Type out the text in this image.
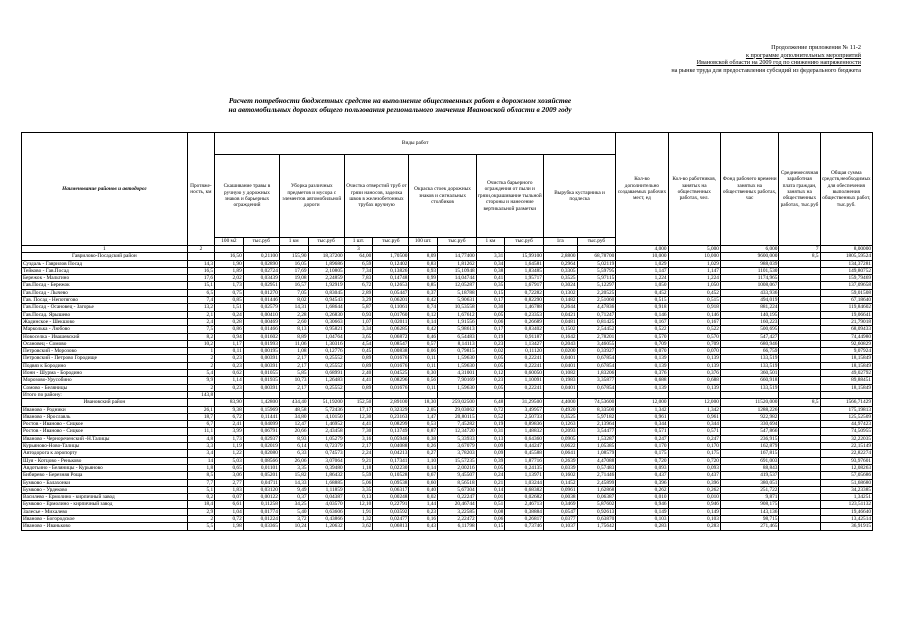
Продолжение приложения № 11-2
к программе дополнительных мероприятий
Ивановской области на 2009 год по снижению напряженности
на рынке труда для предоставления субсидий из федерального бюджета
Расчет потребности бюджетных средств на выполнение общественных работ в дорожном хозяйстве
на автомобильных дорогах общего пользования регионального значения Ивановской области в 2009 году
Наименование районов и автодорог	Протяже-ность, км	Виды работ												Кол-во дополнительно создаваемых рабочих мест, ед	Кол-во работников, занятых на общественных работах, чел.	Фонд рабочего времени занятых на общественных работах, час	Среднемесячная заработная плата граждан, занятых на общественных работах, тыс.руб	Общая сумма средств,необходимых для обеспечения выполнения общественных работ, тыс.руб.
		Скашивание травы в ручную у дорожных знаков и барьерных ограждений		Уборка различных предметов и мусора с элементов автомобильной дороги		Очистка отверстий труб от грязи наносов, заделка швов в железобетонных трубах вручную		Окраска стоек дорожных знаков и сигнальных столбиков		Очистка барьерного ограждения от пыли и грязи,окрашивание тыльной стороны и нанесение вертикальной разметки		Вырубка кустарника и подлеска						
		100 м2	тыс.руб	1 км	тыс.руб	1 шт.	тыс.руб	100 шт.	тыс.руб	1 км	тыс.руб	1га	тыс.руб					
1	2					3								4,000	5,000	6,000	7	8,00000
Гаврилово-Посадский район		16,50	0,21100	155,90	18,37200	64,00	1,70500	8,09	14,77400	3,31	15,99100	2,8800	68,78700	10,000	10,000	9600,000	8,5	1805,59524
Суздаль - Гаврилов Посад	14,3	1,90	0,02890	16,05	1,89686	6,59	0,12402	0,83	1,81262	0,34	1,64581	0,2964	5,02119	1,029	1,029	988,039		134,37281
Тейково - Гав.Посад	16,5	1,89	0,02724	17,69	2,10805	7,34	0,13826	0,93	15,10948	0,38	1,83485	0,3305	5,59795	1,147	1,147	1101,530		149,80752
Бережок - Мальтино	17,6	2,02	0,03439	19,08	2,24859	7,83	0,14748	0,99	14,04744	0,41	1,95717	0,3525	5,97115	1,224	1,224	1174,965		159,79469
Гав.Посад - Бережок	15,1	1,73	0,02951	16,57	1,92919	6,72	0,12653	0,85	12,05287	0,35	1,67917	0,3024	5,12297	1,050	1,050	1008,067		137,09658
Гав.Посад - Лычево	6,5	0,75	0,01270	7,05	0,83045	2,89	0,05447	0,37	5,18788	0,15	0,72282	0,1302	2,20525	0,452	0,452	433,936		59,01508
Гав. Посад - Непотягово	7,4	0,85	0,01446	8,02	0,94543	3,29	0,06201	0,42	5,90631	0,17	0,82290	0,1482	2,51060	0,515	0,515	494,019		67,18640
Гав.Посад - Осановец - Загорье	13,2	1,51	0,02579	14,31	1,68644	5,87	0,11061	0,74	10,53558	0,30	1,46788	0,2644	4,47836	0,918	0,918	881,224		119,84602
Гав.Посад. Ярышево	2,1	0,24	0,00410	2,28	0,26830	0,93	0,01760	0,12	1,67612	0,05	0,23353	0,0421	0,71247	0,146	0,146	140,195		19,06641
Жадинское - Шекшово	2,4	0,28	0,00469	2,60	0,30663	1,07	0,02011	0,14	1,91556	0,06	0,26689	0,0481	0,81425	0,167	0,167	160,223		21,79018
Марколька - Любово	7,5	0,86	0,01466	8,13	0,95821	3,34	0,06285	0,42	5,98613	0,17	0,83402	0,1502	2,54452	0,522	0,522	500,695		68,09433
Новоселка - Ивашевский	8,2	0,94	0,01602	8,89	1,04764	3,65	0,06872	0,46	6,54483	0,19	0,91187	0,1642	2,78201	0,570	0,570	547,427		74,44980
Осановец - Сомово	10,2	1,17	0,01993	11,06	1,30316	4,54	0,08547	0,57	8,14113	0,23	1,13427	0,2043	3,46055	0,709	0,709	680,946		92,60829
Петровский - Морозово	1	0,11	0,00195	1,08	0,12776	0,45	0,00838	0,06	0,79815	0,02	0,11120	0,0200	0,33927	0,070	0,070	66,759		9,07924
Петровский - Петрово Городище	2	0,23	0,00391	2,17	0,25552	0,89	0,01676	0,11	1,59630	0,05	0,22241	0,0401	0,67854	0,139	0,139	133,519		18,15849
Подвяз к Бородино	2	0,23	0,00391	2,17	0,25552	0,89	0,01676	0,11	1,59630	0,05	0,22241	0,0401	0,67854	0,139	0,139	133,519		18,15849
Ионн - Шурма - Бородино	5,4	0,62	0,01055	5,85	0,68991	2,40	0,04525	0,30	4,31001	0,12	0,60050	0,1082	1,83206	0,376	0,376	360,501		49,02792
Морозово-Урусобино	9,9	1,14	0,01935	10,73	1,26483	4,41	0,08296	0,56	7,90169	0,23	1,10091	0,1983	3,35877	0,688	0,688	660,918		89,88451
Сомово - Беляницы	2	0,23	0,00391	2,17	0,25552	0,89	0,01676	0,11	1,59630	0,05	0,22241	0,0401	0,67854	0,139	0,139	133,519		18,15849
Итого по району:	143,8																	
Ивановский район		83,90	1,42800	434,40	51,19200	152,50	2,89100	18,30	259,02500	6,48	31,29500	4,4000	74,53600	12,000	12,000	11520,000	8,5	1566,71429
Иваново - Родники	26,1	9,38	0,15969	48,58	5,72436	17,17	0,32329	2,05	29,03062	0,72	3,49957	0,4920	8,33500	1,342	1,342	1288,226		175,19813
Иваново - Ярославль	18,7	6,72	0,11441	34,80	4,10150	12,30	0,23163	1,47	20,80115	0,52	2,50733	0,3525	5,97182	0,961	0,961	922,982		125,52509
Ростов - Иваново - Сицкое	6,7	2,41	0,04099	12,47	1,46952	4,41	0,08299	0,53	7,45282	0,19	0,89836	0,1263	2,13964	0,344	0,344	330,694		44,97423
Ростов - Иваново - Сицкое	11,1	3,99	0,06791	20,66	2,43458	7,30	0,13749	0,87	12,34720	0,31	1,48832	0,2093	3,54477	0,571	0,571	547,866		74,50955
Иваново - Чернореченский -Н.Талицы	4,8	1,73	0,02937	8,93	1,05279	3,16	0,05946	0,38	5,33933	0,13	0,64360	0,0905	1,53287	0,247	0,247	236,915		32,22035
Курьяново-Ново-Талицы	3,3	1,19	0,02019	6,14	0,72379	2,17	0,04088	0,26	3,67079	0,09	0,44247	0,0622	1,05385	0,170	0,170	162,879		22,15149
Автодорога к аэропорту	3,4	1,22	0,02080	6,33	0,74573	2,24	0,04213	0,27	3,78203	0,09	0,45588	0,0641	1,08579	0,175	0,175	167,815		22,82274
Шуя - Котцово - Реньково	14	5,03	0,08566	26,06	3,07064	9,21	0,17341	1,10	15,57235	0,39	1,87716	0,2639	4,47088	0,720	0,720	691,003		93,97601
Авдотьино - Беляницы - Курьяново	1,8	0,65	0,01101	3,35	0,39480	1,18	0,02230	0,14	2,00216	0,05	0,24135	0,0339	0,57483	0,093	0,093	88,843		12,08263
Бибирево - Березняя Роща	8,5	3,06	0,05201	15,82	1,86432	5,59	0,10528	0,67	9,45507	0,24	1,13971	0,1602	2,71446	0,437	0,437	419,537		57,05686
Бумково - Балахонки	7,7	2,77	0,04711	14,33	1,68885	5,06	0,09538	0,60	8,56518	0,21	1,03244	0,1452	2,45899	0,396	0,396	380,051		51,68680
Бумково - Урдеково	5,1	1,83	0,03120	9,49	1,11859	3,35	0,06317	0,40	5,67304	0,14	0,68382	0,0961	1,62868	0,262	0,262	251,722		34,23385
Василево - Ермолино - кирпичный завод	0,2	0,07	0,00122	0,37	0,04387	0,13	0,00248	0,02	0,22247	0,01	0,02682	0,0038	0,06387	0,010	0,010	9,871		1,34251
Бумково - Ермолино - кирпичный завод	18,4	6,61	0,11258	34,25	4,03570	12,10	0,22791	1,44	20,46744	0,51	2,46713	0,3469	5,87602	0,946	0,946	908,175		123,51132
Залесье - Михалево	2,9	1,04	0,01774	5,40	0,63606	1,91	0,03592	0,23	3,22585	0,08	0,38884	0,0547	0,92613	0,149	0,149	143,136		19,46640
Иваново - Богородское	2	0,72	0,01224	3,72	0,43866	1,32	0,02477	0,16	2,22472	0,06	0,26817	0,0377	0,63870	0,103	0,103	98,715		13,42514
Иваново - Иваньково	5,5	1,98	0,03365	10,24	1,20632	3,62	0,06813	0,43	6,11798	0,15	0,73746	0,1037	1,75642	0,283	0,283	271,465		36,91915
